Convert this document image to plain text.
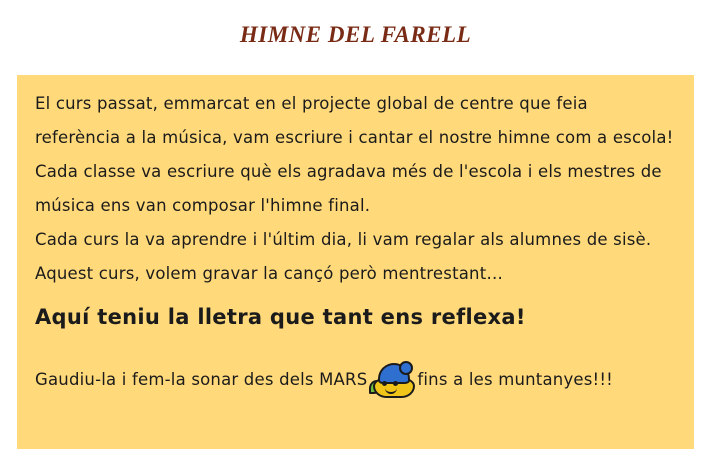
HIMNE DEL FARELL
El curs passat, emmarcat en el projecte global de centre que feia
referència a la música, vam escriure i cantar el nostre himne com a escola!
Cada classe va escriure què els agradava més de l'escola i els mestres de
música ens van composar l'himne final.
Cada curs la va aprendre i l'últim dia, li vam regalar als alumnes de sisè.
Aquest curs, volem gravar la cançó però mentrestant…
Aquí teniu la lletra que tant ens reflexa!
Gaudiu-la i fem-la sonar des dels MARS	fins a les muntanyes!!!
